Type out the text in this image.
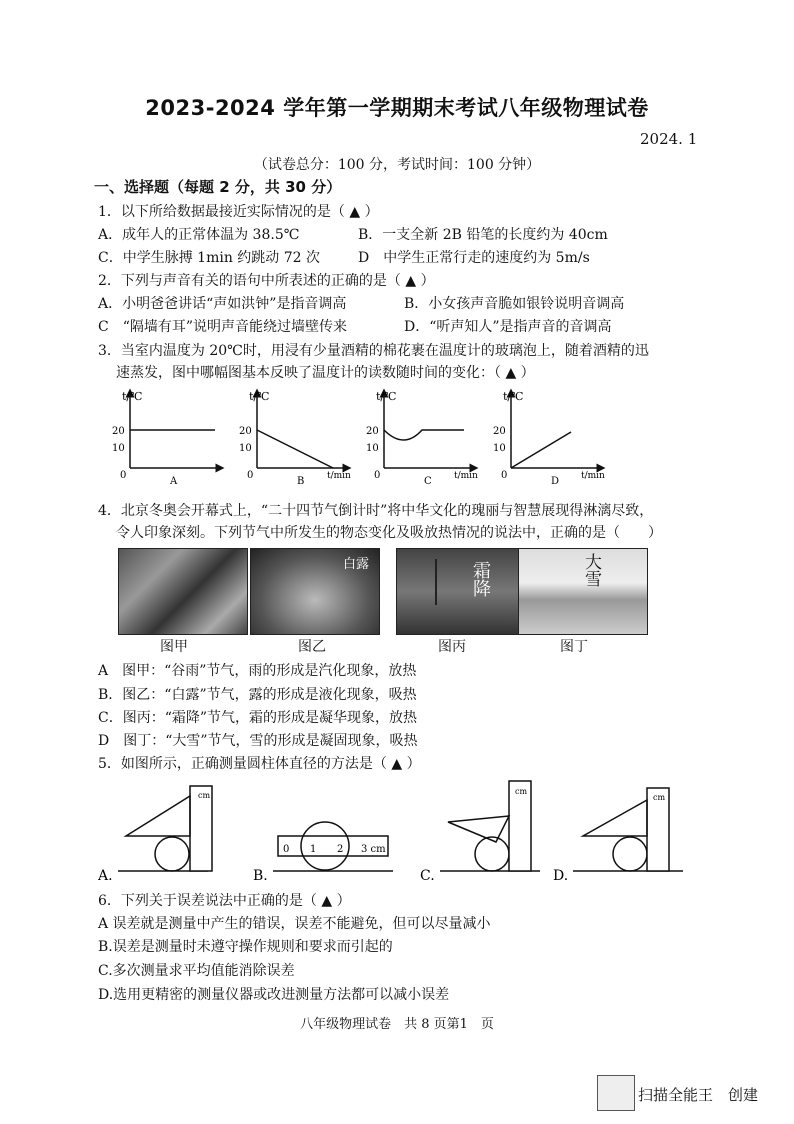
2023-2024 学年第一学期期末考试八年级物理试卷
2024. 1
（试卷总分：100 分，考试时间：100 分钟）
一、选择题（每题 2 分，共 30 分）
1．以下所给数据最接近实际情况的是（ ▲ ）
A．成年人的正常体温为 38.5℃	B．一支全新 2B 铅笔的长度约为 40cm
C．中学生脉搏 1min 约跳动 72 次	D　中学生正常行走的速度约为 5m/s
2．下列与声音有关的语句中所表述的正确的是（ ▲ ）
A．小明爸爸讲话“声如洪钟”是指音调高	B．小女孩声音脆如银铃说明音调高
C　“隔墙有耳”说明声音能绕过墙壁传来	D．“听声知人”是指声音的音调高
3．当室内温度为 20℃时，用浸有少量酒精的棉花裹在温度计的玻璃泡上，随着酒精的迅
速蒸发，图中哪幅图基本反映了温度计的读数随时间的变化：（ ▲ ）
t/℃
20
10
0
A
t/℃
20
10
0	t/min
B
t/℃
20
10
0	t/min
C
t/℃
20
10
0	t/min
D
4．北京冬奥会开幕式上，“二十四节气倒计时”将中华文化的瑰丽与智慧展现得淋漓尽致，
令人印象深刻。下列节气中所发生的物态变化及吸放热情况的说法中，正确的是（　　）
白露	霜降	大雪
图甲	图乙	图丙	图丁
A　图甲：“谷雨”节气，雨的形成是汽化现象，放热
B．图乙：“白露”节气，露的形成是液化现象，吸热
C．图丙：“霜降”节气，霜的形成是凝华现象，放热
D　图丁：“大雪”节气，雪的形成是凝固现象，吸热
5．如图所示，正确测量圆柱体直径的方法是（ ▲ ）
A.
cm
B.
0 1 2 3 cm
C.
cm
D.
cm
6．下列关于误差说法中正确的是（ ▲ ）
A 误差就是测量中产生的错误，误差不能避免，但可以尽量减小
B.误差是测量时未遵守操作规则和要求而引起的
C.多次测量求平均值能消除误差
D.选用更精密的测量仪器或改进测量方法都可以减小误差
八年级物理试卷　共 8 页第1　页
扫描全能王　创建
